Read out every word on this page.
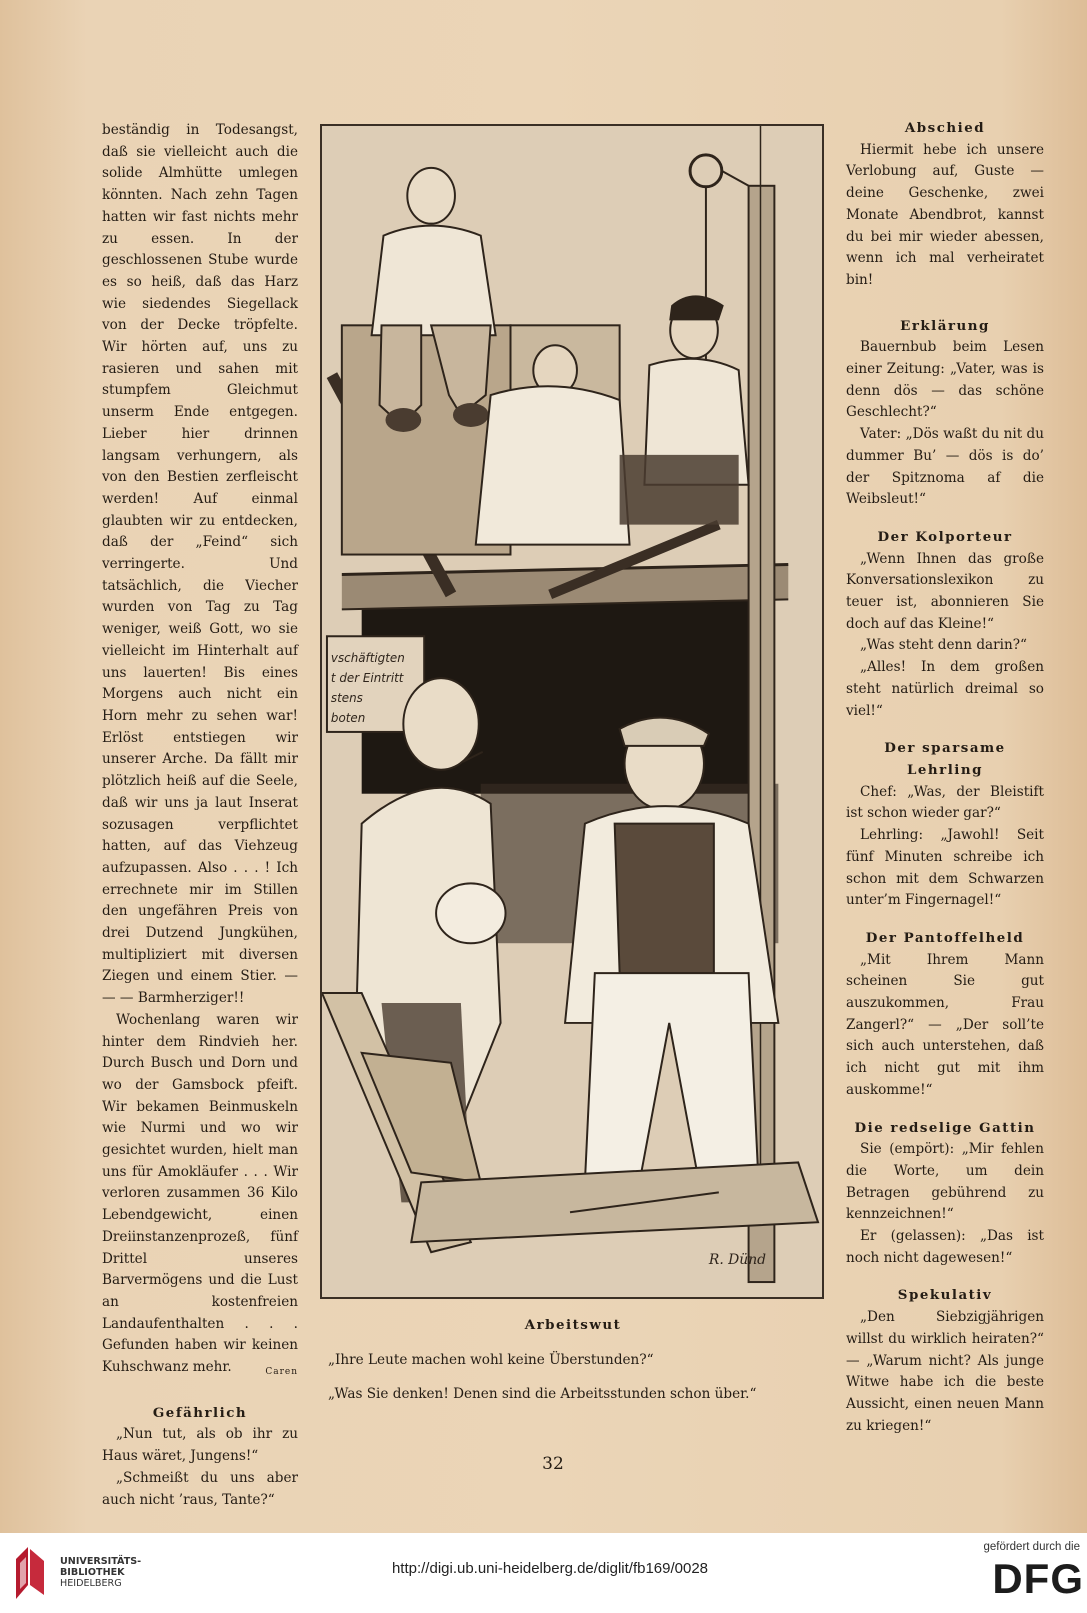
beständig in Todesangst, daß sie vielleicht auch die solide Almhütte umlegen könnten. Nach zehn Tagen hatten wir fast nichts mehr zu essen. In der geschlossenen Stube wurde es so heiß, daß das Harz wie siedendes Siegellack von der Decke tröpfelte. Wir hörten auf, uns zu rasieren und sahen mit stumpfem Gleichmut unserm Ende entgegen. Lieber hier drinnen langsam verhungern, als von den Bestien zerfleischt werden! Auf einmal glaubten wir zu entdecken, daß der „Feind“ sich verringerte. Und tatsächlich, die Viecher wurden von Tag zu Tag weniger, weiß Gott, wo sie vielleicht im Hinterhalt auf uns lauerten! Bis eines Morgens auch nicht ein Horn mehr zu sehen war! Erlöst entstiegen wir unserer Arche. Da fällt mir plötzlich heiß auf die Seele, daß wir uns ja laut Inserat sozusagen verpflichtet hatten, auf das Viehzeug aufzupassen. Also . . . ! Ich errechnete mir im Stillen den ungefähren Preis von drei Dutzend Jungkühen, multipliziert mit diversen Ziegen und einem Stier. — — — Barmherziger!!

Wochenlang waren wir hinter dem Rindvieh her. Durch Busch und Dorn und wo der Gamsbock pfeift. Wir bekamen Beinmuskeln wie Nurmi und wo wir gesichtet wurden, hielt man uns für Amokläufer . . . Wir verloren zusammen 36 Kilo Lebendgewicht, einen Dreiinstanzenprozeß, fünf Drittel unseres Barvermögens und die Lust an kostenfreien Landaufenthalten . . . Gefunden haben wir keinen Kuhschwanz mehr.	Caren

Gefährlich

„Nun tut, als ob ihr zu Haus wäret, Jungens!“

„Schmeißt du uns aber auch nicht ’raus, Tante?“

vschäftigten
t der Eintritt
stens
boten
R. Dünd

Arbeitswut

„Ihre Leute machen wohl keine Überstunden?“

„Was Sie denken! Denen sind die Arbeitsstunden schon über.“

Abschied

Hiermit hebe ich unsere Verlobung auf, Guste — deine Geschenke, zwei Monate Abendbrot, kannst du bei mir wieder abessen, wenn ich mal verheiratet bin!

Erklärung

Bauernbub beim Lesen einer Zeitung: „Vater, was is denn dös — das schöne Geschlecht?“

Vater: „Dös waßt du nit du dummer Bu’ — dös is do’ der Spitznoma af die Weibsleut!“

Der Kolporteur

„Wenn Ihnen das große Konversationslexikon zu teuer ist, abonnieren Sie doch auf das Kleine!“

„Was steht denn darin?“

„Alles! In dem großen steht natürlich dreimal so viel!“

Der sparsame Lehrling

Chef: „Was, der Bleistift ist schon wieder gar?“

Lehrling: „Jawohl! Seit fünf Minuten schreibe ich schon mit dem Schwarzen unter’m Fingernagel!“

Der Pantoffelheld

„Mit Ihrem Mann scheinen Sie gut auszukommen, Frau Zangerl?“ — „Der soll’te sich auch unterstehen, daß ich nicht gut mit ihm auskomme!“

Die redselige Gattin

Sie (empört): „Mir fehlen die Worte, um dein Betragen gebührend zu kennzeichnen!“

Er (gelassen): „Das ist noch nicht dagewesen!“

Spekulativ

„Den Siebzigjährigen willst du wirklich heiraten?“ — „Warum nicht? Als junge Witwe habe ich die beste Aussicht, einen neuen Mann zu kriegen!“

32
UNIVERSITÄTS-
BIBLIOTHEK
HEIDELBERG
http://digi.ub.uni-heidelberg.de/diglit/fb169/0028
gefördert durch die
DFG
